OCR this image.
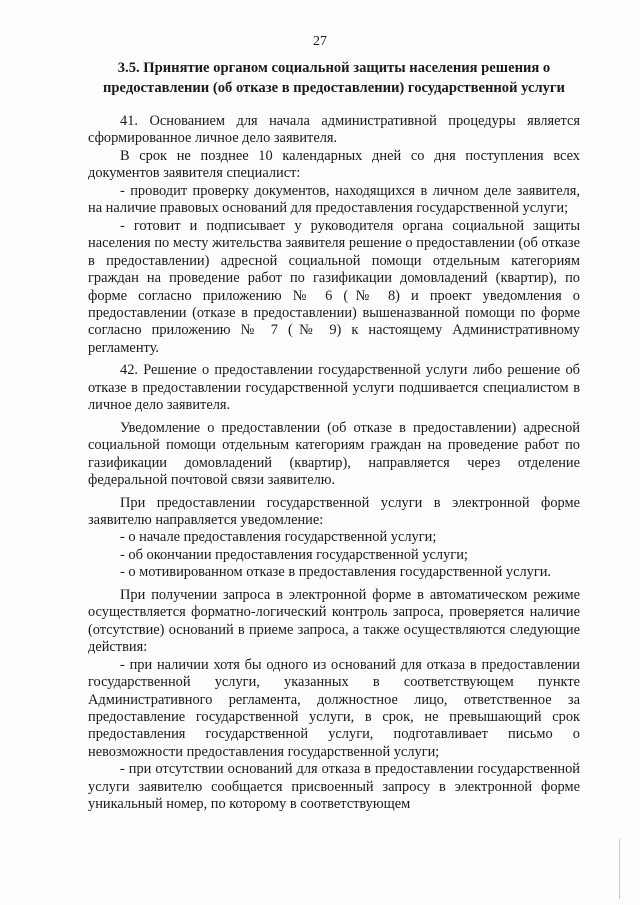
27
3.5. Принятие органом социальной защиты населения решения о
предоставлении (об отказе в предоставлении) государственной услуги

41. Основанием для начала административной процедуры является сформированное личное дело заявителя.

В срок не позднее 10 календарных дней со дня поступления всех документов заявителя специалист:

- проводит проверку документов, находящихся в личном деле заявителя, на наличие правовых оснований для предоставления государственной услуги;

- готовит и подписывает у руководителя органа социальной защиты населения по месту жительства заявителя решение о предоставлении (об отказе в предоставлении) адресной социальной помощи отдельным категориям граждан на проведение работ по газификации домовладений (квартир), по форме согласно приложению № 6 (№ 8) и проект уведомления о предоставлении (отказе в предоставлении) вышеназванной помощи по форме согласно приложению № 7 (№ 9) к настоящему Административному регламенту.

42. Решение о предоставлении государственной услуги либо решение об отказе в предоставлении государственной услуги подшивается специалистом в личное дело заявителя.

Уведомление о предоставлении (об отказе в предоставлении) адресной социальной помощи отдельным категориям граждан на проведение работ по газификации домовладений (квартир), направляется через отделение федеральной почтовой связи заявителю.

При предоставлении государственной услуги в электронной форме заявителю направляется уведомление:

- о начале предоставления государственной услуги;

- об окончании предоставления государственной услуги;

- о мотивированном отказе в предоставления государственной услуги.

При получении запроса в электронной форме в автоматическом режиме осуществляется форматно-логический контроль запроса, проверяется наличие (отсутствие) оснований в приеме запроса, а также осуществляются следующие действия:

- при наличии хотя бы одного из оснований для отказа в предоставлении государственной услуги, указанных в соответствующем пункте Административного регламента, должностное лицо, ответственное за предоставление государственной услуги, в срок, не превышающий срок предоставления государственной услуги, подготавливает письмо о невозможности предоставления государственной услуги;

- при отсутствии оснований для отказа в предоставлении государственной услуги заявителю сообщается присвоенный запросу в электронной форме уникальный номер, по которому в соответствующем
